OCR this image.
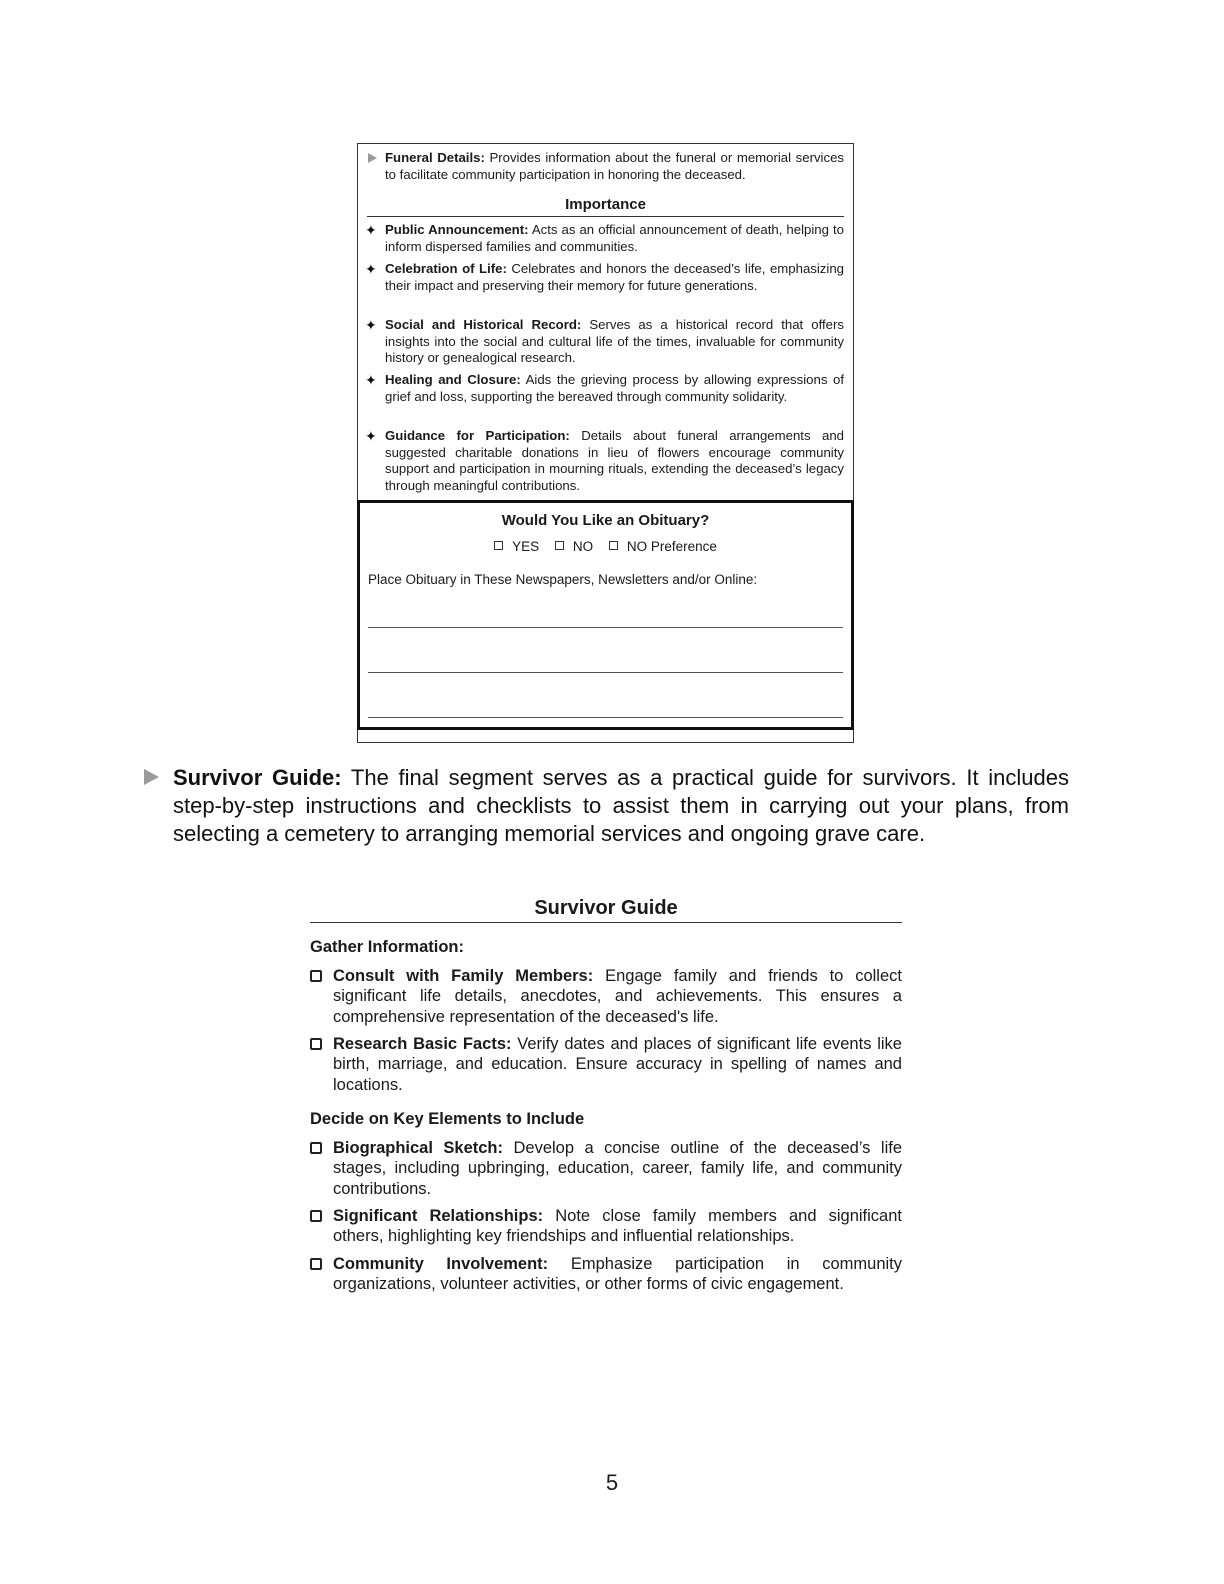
Funeral Details: Provides information about the funeral or memorial services to facilitate community participation in honoring the deceased.
Importance
✦ Public Announcement: Acts as an official announcement of death, helping to inform dispersed families and communities.
✦ Celebration of Life: Celebrates and honors the deceased’s life, emphasizing their impact and preserving their memory for future generations.
✦ Social and Historical Record: Serves as a historical record that offers insights into the social and cultural life of the times, invaluable for community history or genealogical research.
✦ Healing and Closure: Aids the grieving process by allowing expressions of grief and loss, supporting the bereaved through community solidarity.
✦ Guidance for Participation: Details about funeral arrangements and suggested charitable donations in lieu of flowers encourage community support and participation in mourning rituals, extending the deceased’s legacy through meaningful contributions.
Would You Like an Obituary?
YES	NO	NO Preference
Place Obituary in These Newspapers, Newsletters and/or Online:
Survivor Guide: The final segment serves as a practical guide for survivors. It includes step-by-step instructions and checklists to assist them in carrying out your plans, from selecting a cemetery to arranging memorial services and ongoing grave care.
Survivor Guide
Gather Information:
Consult with Family Members: Engage family and friends to collect significant life details, anecdotes, and achievements. This ensures a comprehensive representation of the deceased's life.
Research Basic Facts: Verify dates and places of significant life events like birth, marriage, and education. Ensure accuracy in spelling of names and locations.
Decide on Key Elements to Include
Biographical Sketch: Develop a concise outline of the deceased’s life stages, including upbringing, education, career, family life, and community contributions.
Significant Relationships: Note close family members and significant others, highlighting key friendships and influential relationships.
Community Involvement: Emphasize participation in community organizations, volunteer activities, or other forms of civic engagement.
5
